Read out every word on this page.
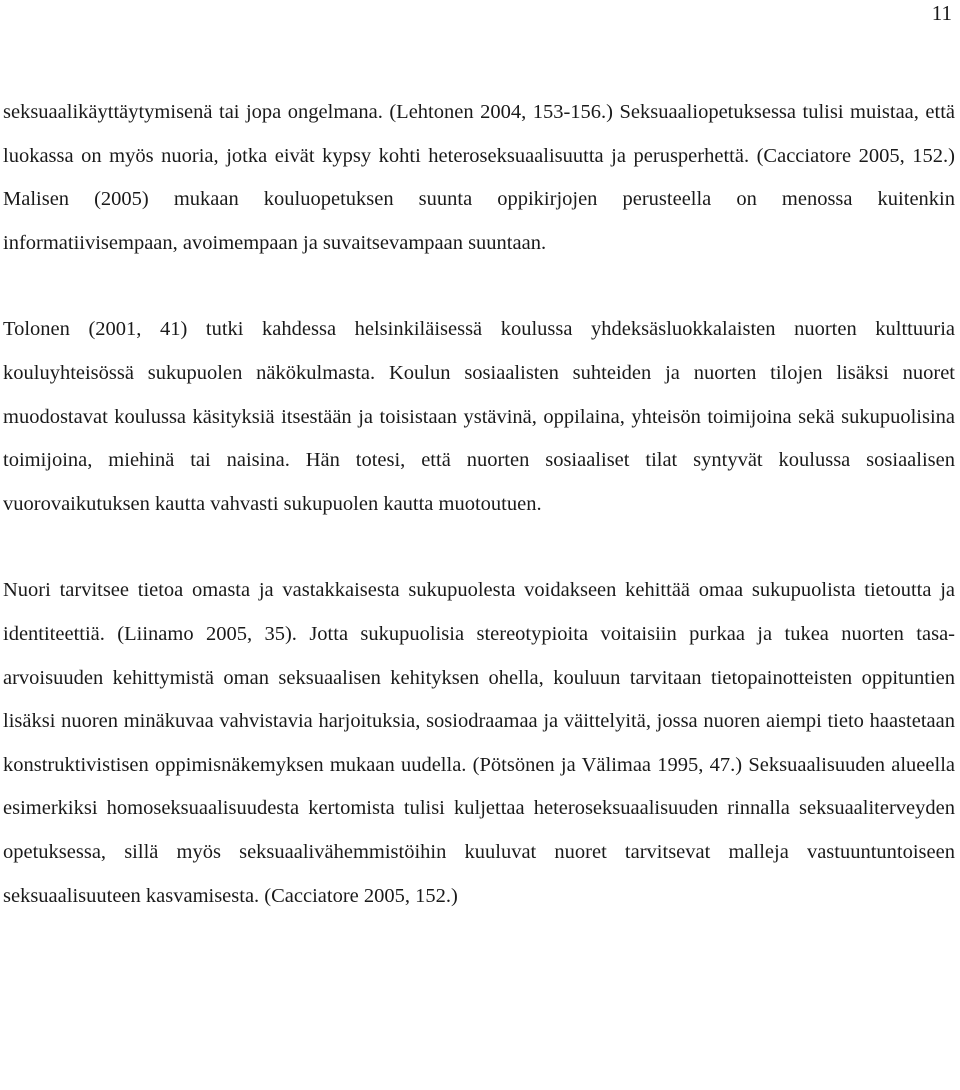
11

seksuaalikäyttäytymisenä tai jopa ongelmana. (Lehtonen 2004, 153-156.) Seksuaaliopetuksessa tulisi muistaa, että luokassa on myös nuoria, jotka eivät kypsy kohti heteroseksuaalisuutta ja perusperhettä. (Cacciatore 2005, 152.) Malisen (2005) mukaan kouluopetuksen suunta oppikirjojen perusteella on menossa kuitenkin informatiivisempaan, avoimempaan ja suvaitsevampaan suuntaan.

Tolonen (2001, 41) tutki kahdessa helsinkiläisessä koulussa yhdeksäsluokkalaisten nuorten kulttuuria kouluyhteisössä sukupuolen näkökulmasta. Koulun sosiaalisten suhteiden ja nuorten tilojen lisäksi nuoret muodostavat koulussa käsityksiä itsestään ja toisistaan ystävinä, oppilaina, yhteisön toimijoina sekä sukupuolisina toimijoina, miehinä tai naisina. Hän totesi, että nuorten sosiaaliset tilat syntyvät koulussa sosiaalisen vuorovaikutuksen kautta vahvasti sukupuolen kautta muotoutuen.

Nuori tarvitsee tietoa omasta ja vastakkaisesta sukupuolesta voidakseen kehittää omaa sukupuolista tietoutta ja identiteettiä. (Liinamo 2005, 35). Jotta sukupuolisia stereotypioita voitaisiin purkaa ja tukea nuorten tasa-arvoisuuden kehittymistä oman seksuaalisen kehityksen ohella, kouluun tarvitaan tietopainotteisten oppituntien lisäksi nuoren minäkuvaa vahvistavia harjoituksia, sosiodraamaa ja väittelyitä, jossa nuoren aiempi tieto haastetaan konstruktivistisen oppimisnäkemyksen mukaan uudella. (Pötsönen ja Välimaa 1995, 47.) Seksuaalisuuden alueella esimerkiksi homoseksuaalisuudesta kertomista tulisi kuljettaa heteroseksuaalisuuden rinnalla seksuaaliterveyden opetuksessa, sillä myös seksuaalivähemmistöihin kuuluvat nuoret tarvitsevat malleja vastuuntuntoiseen seksuaalisuuteen kasvamisesta. (Cacciatore 2005, 152.)
